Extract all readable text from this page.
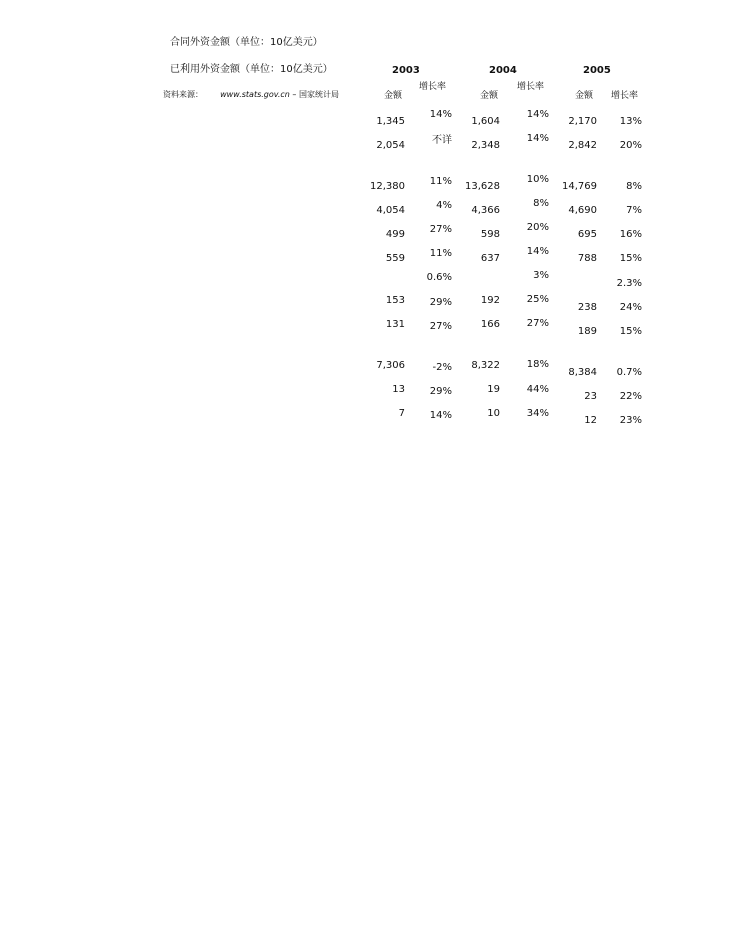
合同外资金额（单位：10亿美元）
已利用外资金额（单位：10亿美元）
资料来源： www.stats.gov.cn – 国家统计局
2003	2004	2005
金额
增长率
金额
增长率
金额 增长率
1,345
2,054
12,380
4,054
499
559
153
131
7,306
13
7
14%
不详
11%
4%
27%
11%
0.6%
29%
27%
-2%
29%
14%
1,604
2,348
13,628
4,366
598
637
192
166
8,322
19
10
14%
14%
10%
8%
20%
14%
3%
25%
27%
18%
44%
34%
2,170
2,842
14,769
4,690
695
788
238
189
8,384
23
12
13%
20%
8%
7%
16%
15%
2.3%
24%
15%
0.7%
22%
23%
